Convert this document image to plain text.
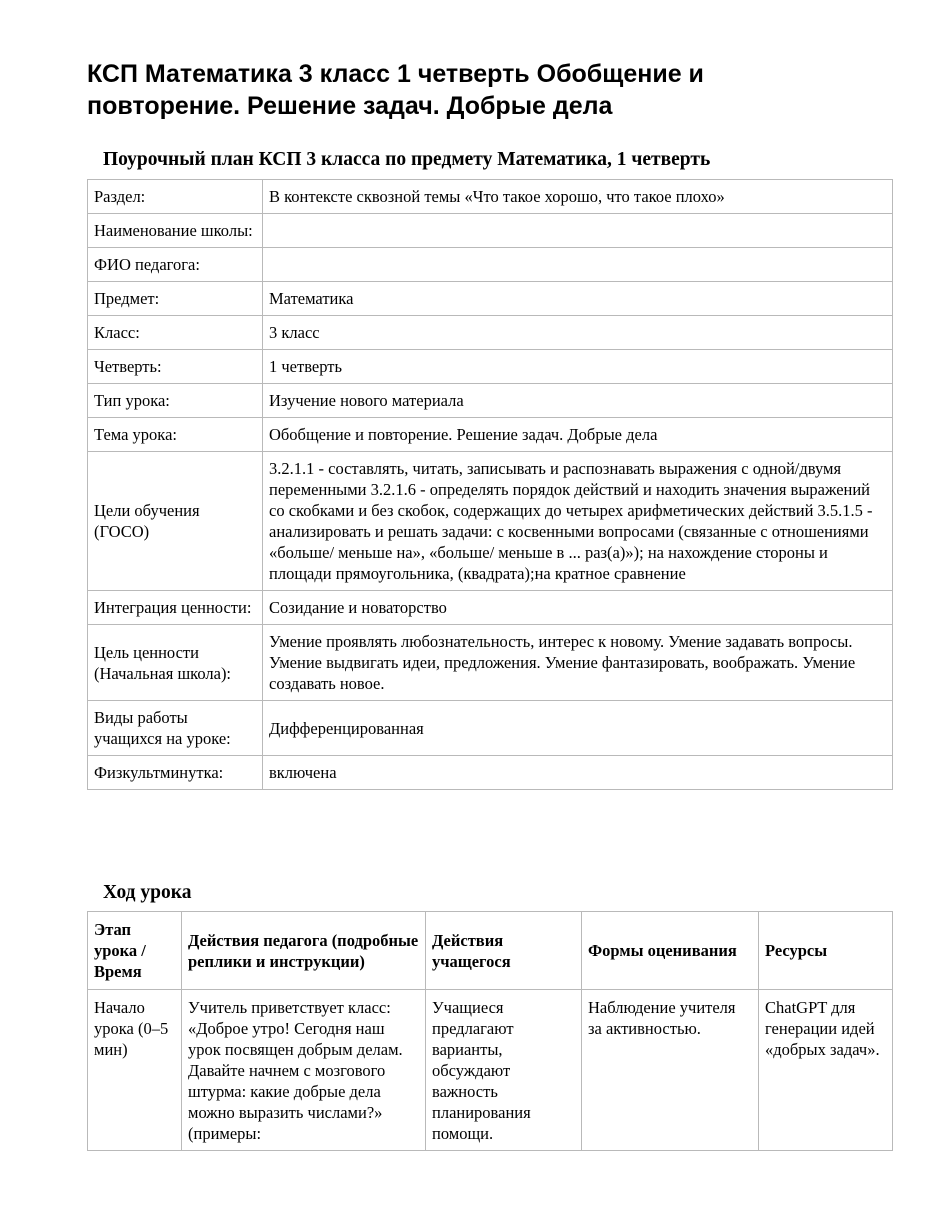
КСП Математика 3 класс 1 четверть Обобщение и повторение. Решение задач. Добрые дела
Поурочный план КСП 3 класса по предмету Математика, 1 четверть
Раздел:	В контексте сквозной темы «Что такое хорошо, что такое плохо»
Наименование школы:	
ФИО педагога:	
Предмет:	Математика
Класс:	3 класс
Четверть:	1 четверть
Тип урока:	Изучение нового материала
Тема урока:	Обобщение и повторение. Решение задач. Добрые дела
Цели обучения (ГОСО)	3.2.1.1 - составлять, читать, записывать и распознавать выражения с одной/двумя переменными 3.2.1.6 - определять порядок действий и находить значения выражений со скобками и без скобок, содержащих до четырех арифметических действий 3.5.1.5 - анализировать и решать задачи: с косвенными вопросами (связанные с отношениями «больше/ меньше на», «больше/ меньше в ... раз(а)»); на нахождение стороны и площади прямоугольника, (квадрата);на кратное сравнение
Интеграция ценности:	Созидание и новаторство
Цель ценности (Начальная школа):	Умение проявлять любознательность, интерес к новому. Умение задавать вопросы. Умение выдвигать идеи, предложения. Умение фантазировать, воображать. Умение создавать новое.
Виды работы учащихся на уроке:	Дифференцированная
Физкультминутка:	включена
Ход урока
Этап урока / Время	Действия педагога (подробные реплики и инструкции)	Действия учащегося	Формы оценивания	Ресурсы
Начало урока (0–5 мин)	Учитель приветствует класс: «Доброе утро! Сегодня наш урок посвящен добрым делам. Давайте начнем с мозгового штурма: какие добрые дела можно выразить числами?» (примеры:	Учащиеся предлагают варианты, обсуждают важность планирования помощи.	Наблюдение учителя за активностью.	ChatGPT для генерации идей «добрых задач».
